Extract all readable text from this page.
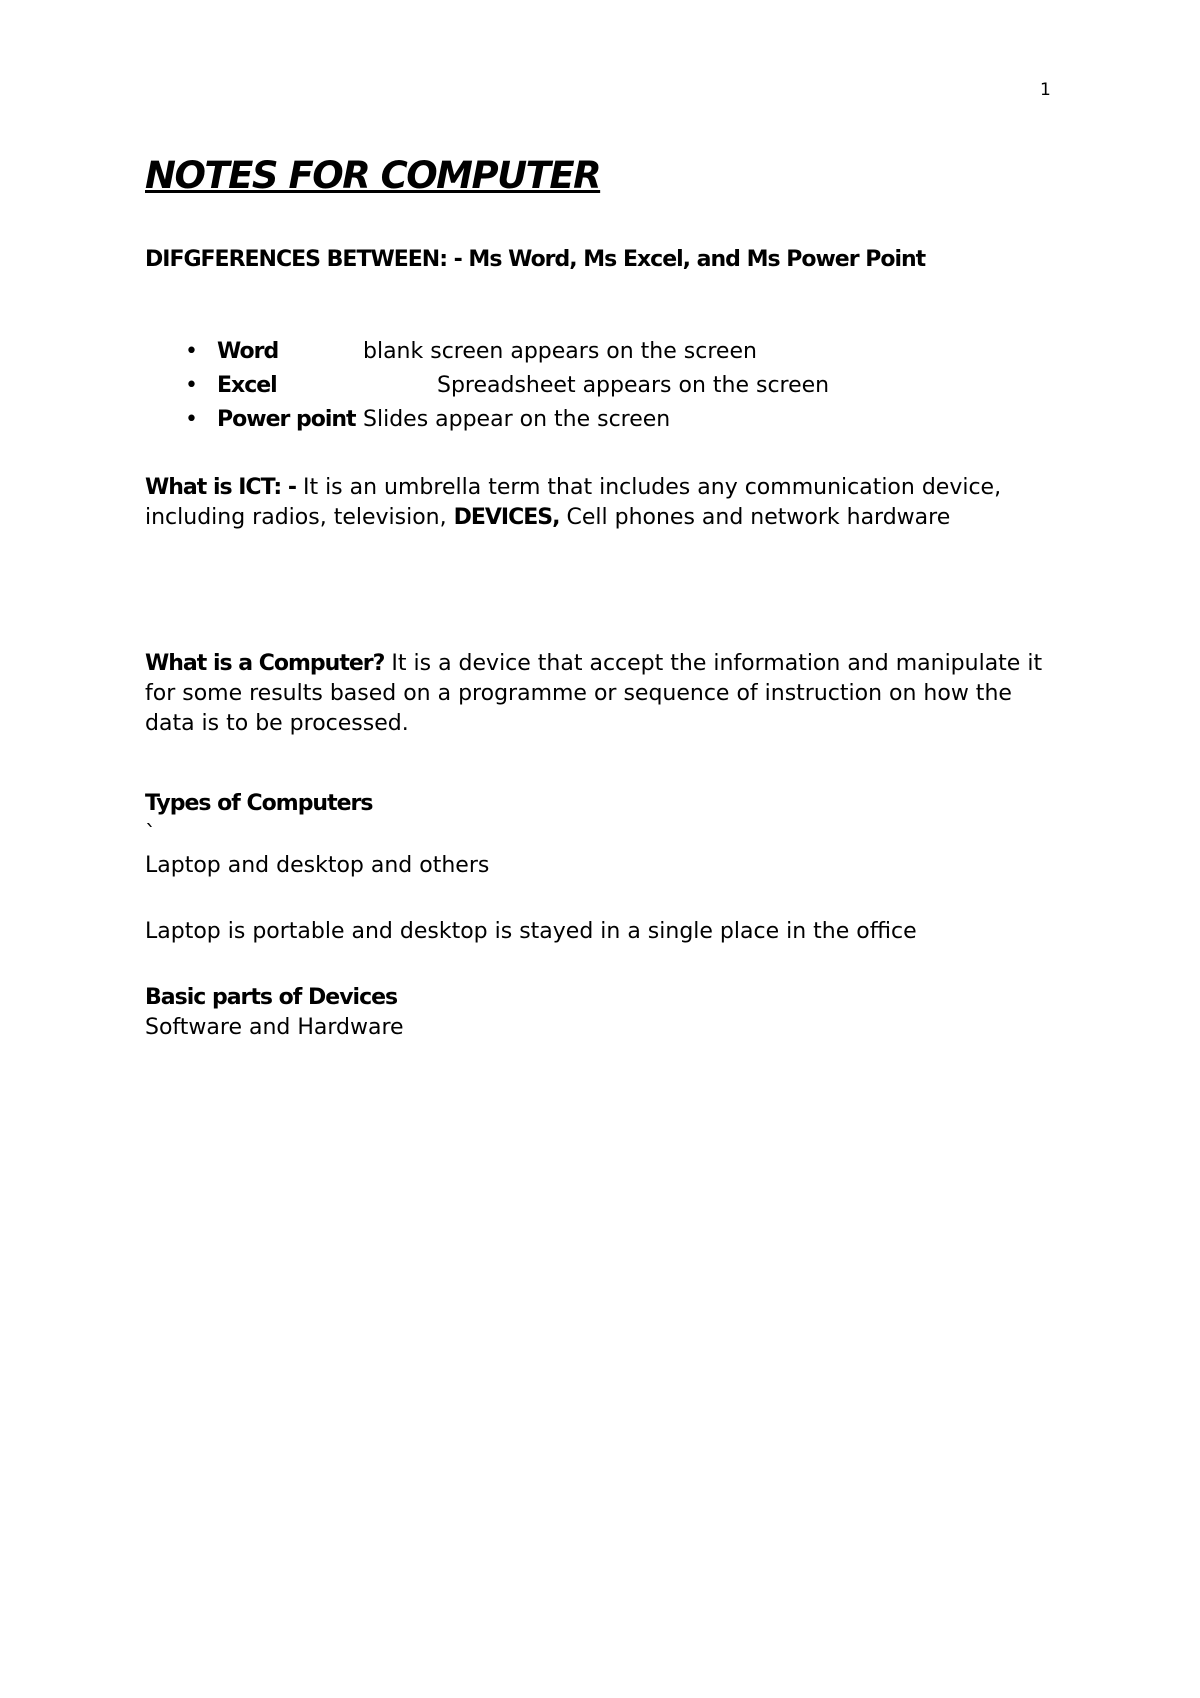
1
NOTES FOR COMPUTER

DIFGFERENCES BETWEEN: - Ms Word, Ms Excel, and Ms Power Point

• Word	blank screen appears on the screen
• Excel	Spreadsheet appears on the screen
• Power point Slides appear on the screen

What is ICT: - It is an umbrella term that includes any communication device, including radios, television, DEVICES, Cell phones and network hardware

What is a Computer? It is a device that accept the information and manipulate it for some results based on a programme or sequence of instruction on how the data is to be processed.

Types of Computers

`

Laptop and desktop and others

Laptop is portable and desktop is stayed in a single place in the office

Basic parts of Devices

Software and Hardware
